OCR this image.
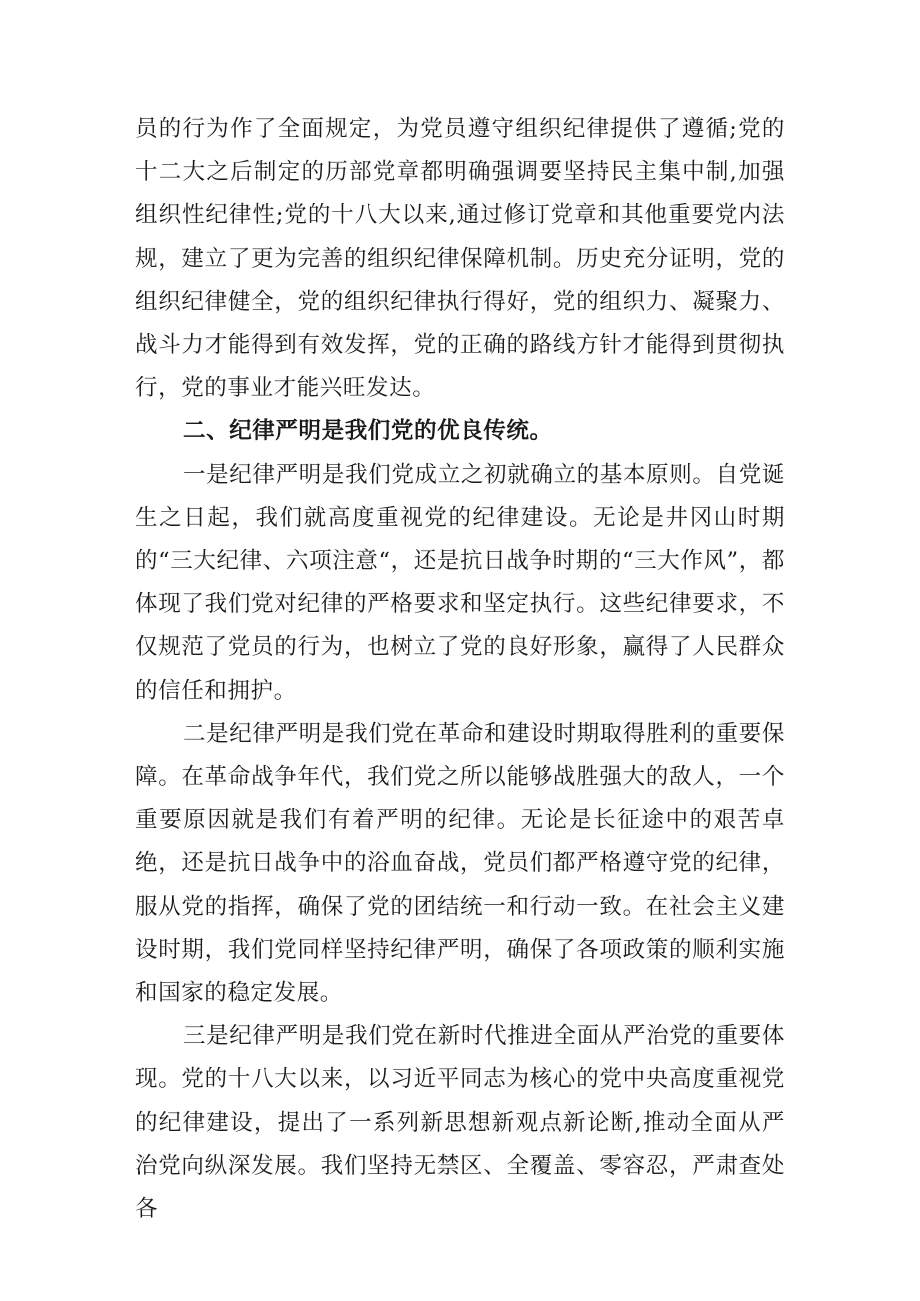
员的行为作了全面规定，为党员遵守组织纪律提供了遵循;党的十二大之后制定的历部党章都明确强调要坚持民主集中制,加强组织性纪律性;党的十八大以来,通过修订党章和其他重要党内法规，建立了更为完善的组织纪律保障机制。历史充分证明，党的组织纪律健全，党的组织纪律执行得好，党的组织力、凝聚力、战斗力才能得到有效发挥，党的正确的路线方针才能得到贯彻执行，党的事业才能兴旺发达。

二、纪律严明是我们党的优良传统。

一是纪律严明是我们党成立之初就确立的基本原则。自党诞生之日起，我们就高度重视党的纪律建设。无论是井冈山时期的“三大纪律、六项注意“，还是抗日战争时期的“三大作风”，都体现了我们党对纪律的严格要求和坚定执行。这些纪律要求，不仅规范了党员的行为，也树立了党的良好形象，赢得了人民群众的信任和拥护。

二是纪律严明是我们党在革命和建设时期取得胜利的重要保障。在革命战争年代，我们党之所以能够战胜强大的敌人，一个重要原因就是我们有着严明的纪律。无论是长征途中的艰苦卓绝，还是抗日战争中的浴血奋战，党员们都严格遵守党的纪律，服从党的指挥，确保了党的团结统一和行动一致。在社会主义建设时期，我们党同样坚持纪律严明，确保了各项政策的顺利实施和国家的稳定发展。

三是纪律严明是我们党在新时代推进全面从严治党的重要体现。党的十八大以来，以习近平同志为核心的党中央高度重视党的纪律建设，提出了一系列新思想新观点新论断,推动全面从严治党向纵深发展。我们坚持无禁区、全覆盖、零容忍，严肃查处各
